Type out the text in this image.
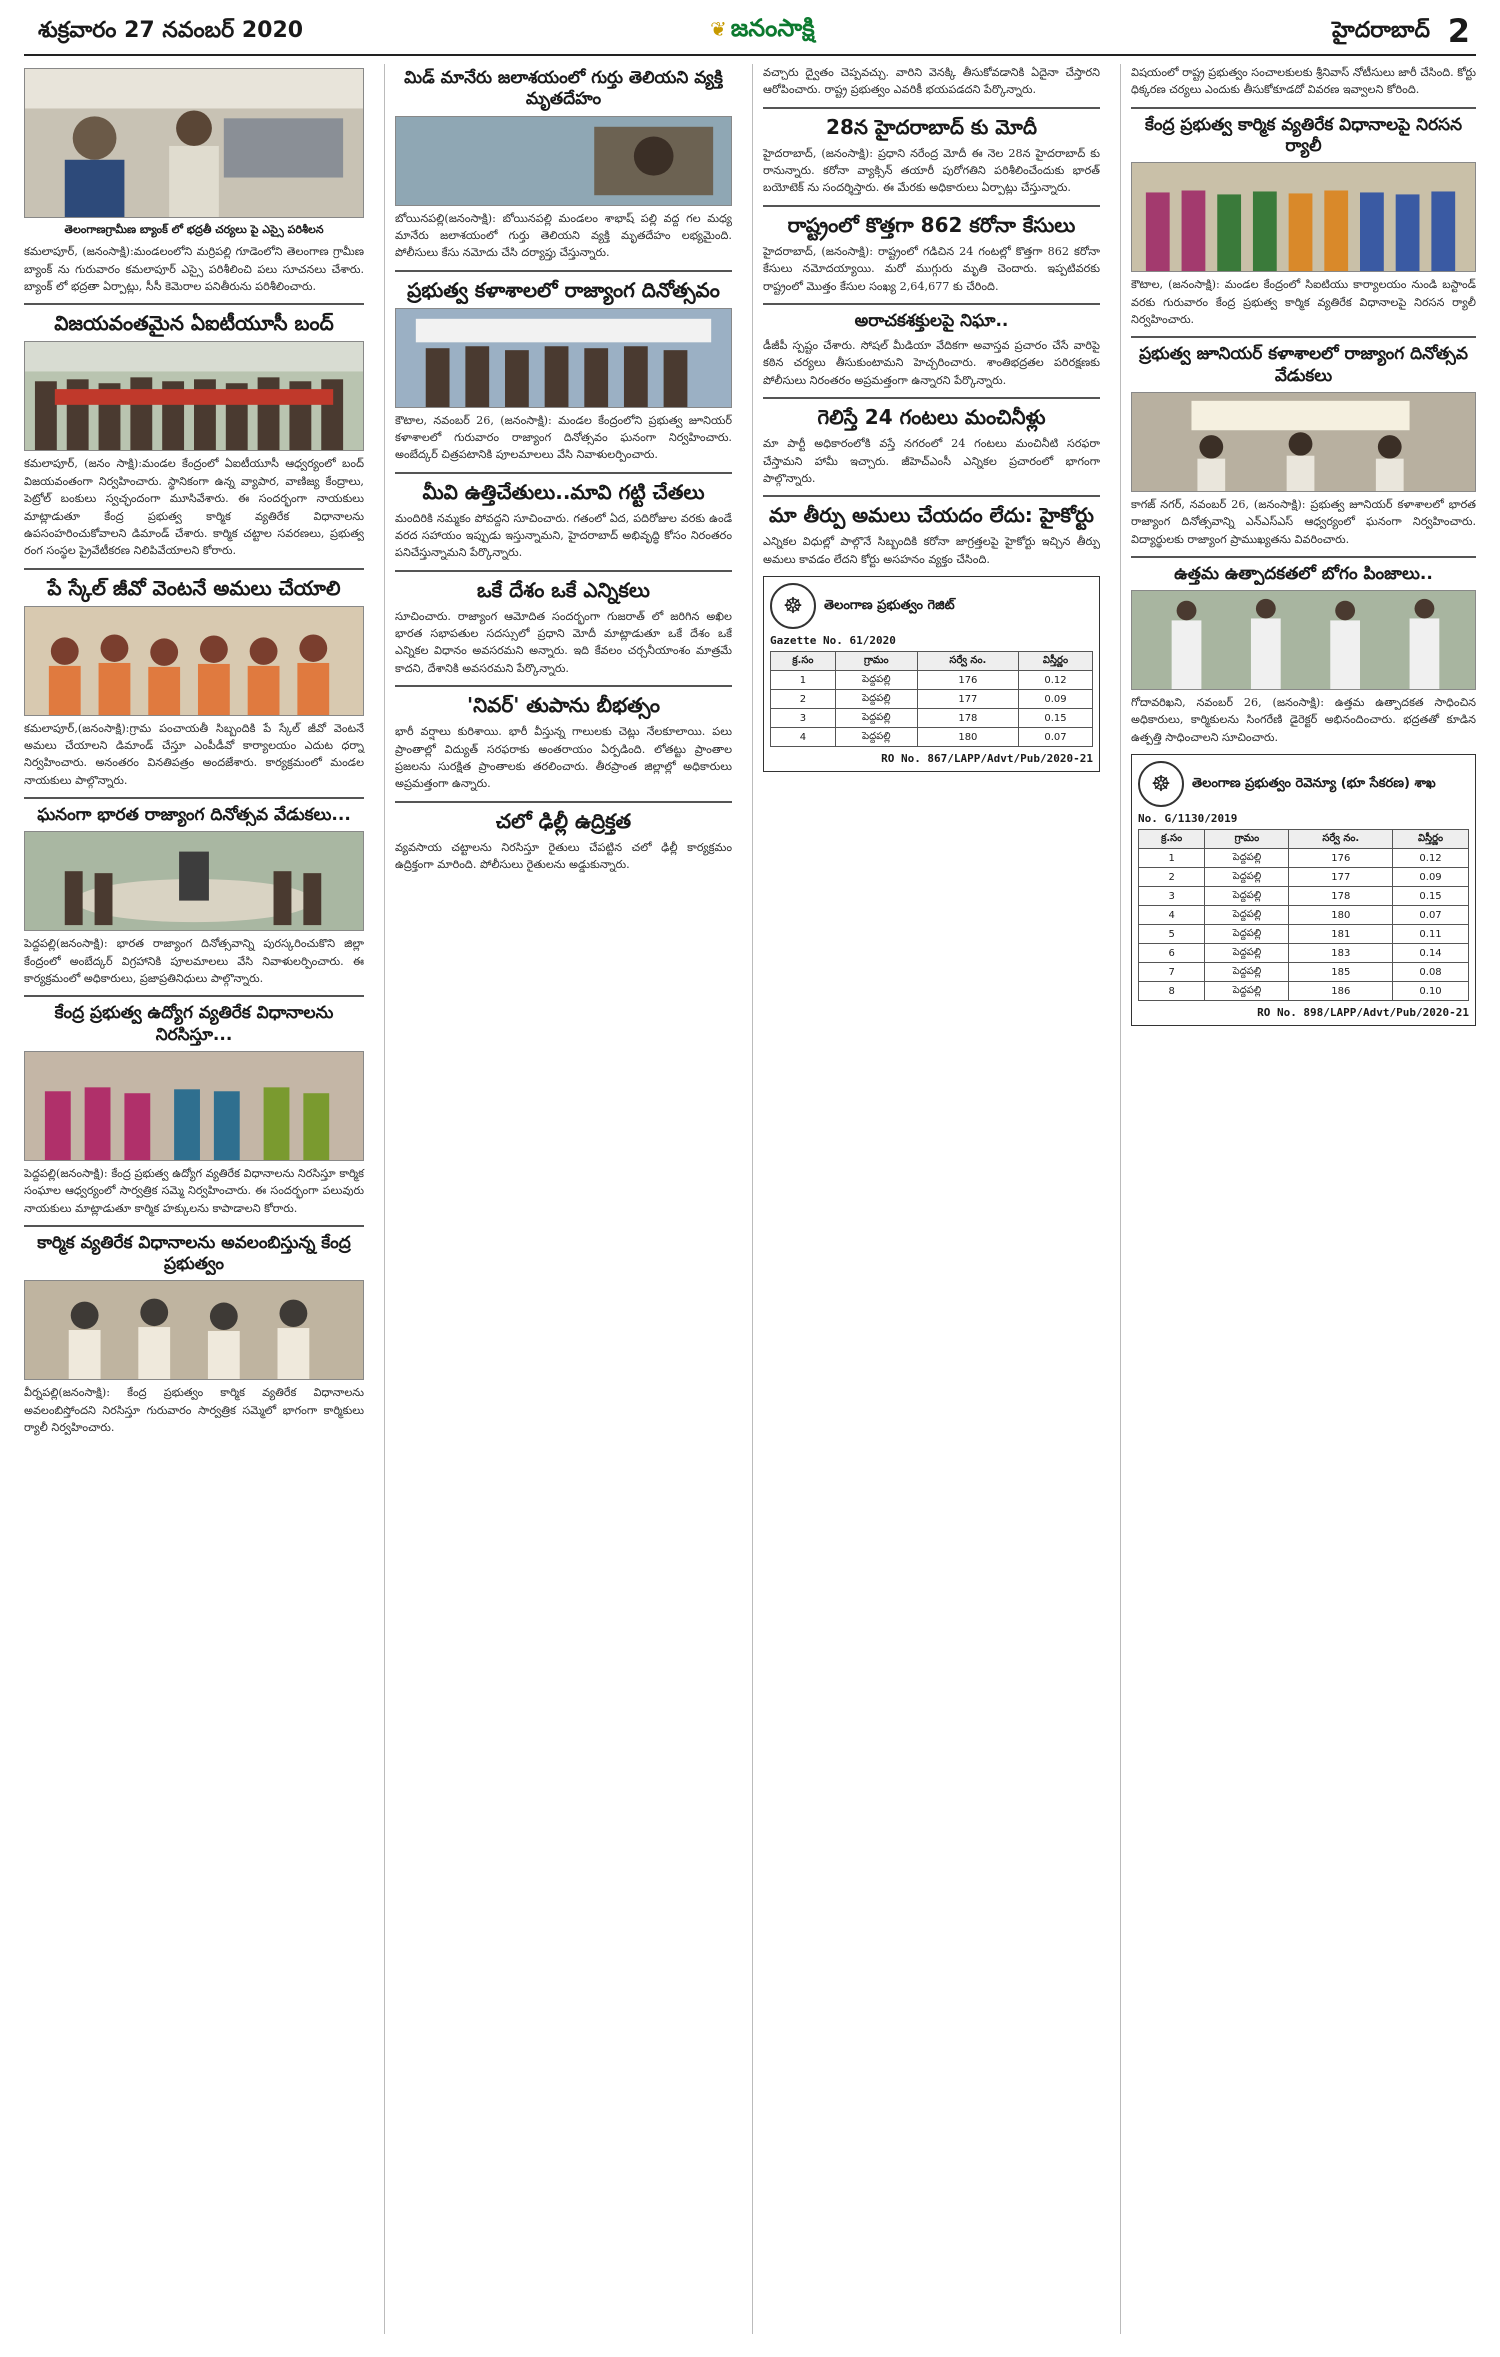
శుక్రవారం 27 నవంబర్ 2020	❦ జనంసాక్షి	హైదరాబాద్ 2
తెలంగాణగ్రామీణ బ్యాంక్ లో భద్రతీ చర్యలు పై ఎస్సై పరిశీలన

కమలాపూర్, (జనంసాక్షి):మండలంలోని మర్రిపల్లి గూడెంలోని తెలంగాణ గ్రామీణ బ్యాంక్ ను గురువారం కమలాపూర్ ఎస్సై పరిశీలించి పలు సూచనలు చేశారు. బ్యాంక్ లో భద్రతా ఏర్పాట్లు, సీసీ కెమెరాల పనితీరును పరిశీలించారు.

విజయవంతమైన ఏఐటీయూసీ బంద్

కమలాపూర్, (జనం సాక్షి):మండల కేంద్రంలో ఏఐటీయూసీ ఆధ్వర్యంలో బంద్ విజయవంతంగా నిర్వహించారు. స్థానికంగా ఉన్న వ్యాపార, వాణిజ్య కేంద్రాలు, పెట్రోల్ బంకులు స్వచ్ఛందంగా మూసివేశారు. ఈ సందర్భంగా నాయకులు మాట్లాడుతూ కేంద్ర ప్రభుత్వ కార్మిక వ్యతిరేక విధానాలను ఉపసంహరించుకోవాలని డిమాండ్ చేశారు. కార్మిక చట్టాల సవరణలు, ప్రభుత్వ రంగ సంస్థల ప్రైవేటీకరణ నిలిపివేయాలని కోరారు.

పే స్కేల్ జీవో వెంటనే అమలు చేయాలి

కమలాపూర్,(జనంసాక్షి):గ్రామ పంచాయతీ సిబ్బందికి పే స్కేల్ జీవో వెంటనే అమలు చేయాలని డిమాండ్ చేస్తూ ఎంపీడీవో కార్యాలయం ఎదుట ధర్నా నిర్వహించారు. అనంతరం వినతిపత్రం అందజేశారు. కార్యక్రమంలో మండల నాయకులు పాల్గొన్నారు.

ఘనంగా భారత రాజ్యాంగ దినోత్సవ వేడుకలు...

పెద్దపల్లి(జనంసాక్షి): భారత రాజ్యాంగ దినోత్సవాన్ని పురస్కరించుకొని జిల్లా కేంద్రంలో అంబేద్కర్ విగ్రహానికి పూలమాలలు వేసి నివాళులర్పించారు. ఈ కార్యక్రమంలో అధికారులు, ప్రజాప్రతినిధులు పాల్గొన్నారు.

కేంద్ర ప్రభుత్వ ఉద్యోగ వ్యతిరేక విధానాలను నిరసిస్తూ...

పెద్దపల్లి(జనంసాక్షి): కేంద్ర ప్రభుత్వ ఉద్యోగ వ్యతిరేక విధానాలను నిరసిస్తూ కార్మిక సంఘాల ఆధ్వర్యంలో సార్వత్రిక సమ్మె నిర్వహించారు. ఈ సందర్భంగా పలువురు నాయకులు మాట్లాడుతూ కార్మిక హక్కులను కాపాడాలని కోరారు.

కార్మిక వ్యతిరేక విధానాలను అవలంబిస్తున్న కేంద్ర ప్రభుత్వం

వీర్నపల్లి(జనంసాక్షి): కేంద్ర ప్రభుత్వం కార్మిక వ్యతిరేక విధానాలను అవలంబిస్తోందని నిరసిస్తూ గురువారం సార్వత్రిక సమ్మెలో భాగంగా కార్మికులు ర్యాలీ నిర్వహించారు.

మిడ్ మానేరు జలాశయంలో గుర్తు తెలియని వ్యక్తి మృతదేహం

బోయినపల్లి(జనంసాక్షి): బోయినపల్లి మండలం శాభాష్ పల్లి వద్ద గల మధ్య మానేరు జలాశయంలో గుర్తు తెలియని వ్యక్తి మృతదేహం లభ్యమైంది. పోలీసులు కేసు నమోదు చేసి దర్యాప్తు చేస్తున్నారు.

ప్రభుత్వ కళాశాలలో రాజ్యాంగ దినోత్సవం

కౌటాల, నవంబర్ 26, (జనంసాక్షి): మండల కేంద్రంలోని ప్రభుత్వ జూనియర్ కళాశాలలో గురువారం రాజ్యాంగ దినోత్సవం ఘనంగా నిర్వహించారు. అంబేద్కర్ చిత్రపటానికి పూలమాలలు వేసి నివాళులర్పించారు.

మీవి ఉత్తిచేతులు..మావి గట్టి చేతలు

మందిరికి నమ్మకం పోవద్దని సూచించారు. గతంలో ఏద, పదిరోజుల వరకు ఉండే వరద సహాయం ఇప్పుడు ఇస్తున్నామని, హైదరాబాద్ అభివృద్ధి కోసం నిరంతరం పనిచేస్తున్నామని పేర్కొన్నారు.

ఒకే దేశం ఒకే ఎన్నికలు

సూచించారు. రాజ్యాంగ ఆమోదిత సందర్భంగా గుజరాత్ లో జరిగిన అఖిల భారత సభాపతుల సదస్సులో ప్రధాని మోదీ మాట్లాడుతూ ఒకే దేశం ఒకే ఎన్నికల విధానం అవసరమని అన్నారు. ఇది కేవలం చర్చనీయాంశం మాత్రమే కాదని, దేశానికి అవసరమని పేర్కొన్నారు.

'నివర్' తుపాను బీభత్సం

భారీ వర్షాలు కురిశాయి. భారీ వీస్తున్న గాలులకు చెట్లు నేలకూలాయి. పలు ప్రాంతాల్లో విద్యుత్ సరఫరాకు అంతరాయం ఏర్పడింది. లోతట్టు ప్రాంతాల ప్రజలను సురక్షిత ప్రాంతాలకు తరలించారు. తీరప్రాంత జిల్లాల్లో అధికారులు అప్రమత్తంగా ఉన్నారు.

చలో ఢిల్లీ ఉద్రిక్తత

వ్యవసాయ చట్టాలను నిరసిస్తూ రైతులు చేపట్టిన చలో ఢిల్లీ కార్యక్రమం ఉద్రిక్తంగా మారింది. పోలీసులు రైతులను అడ్డుకున్నారు.

వచ్చారు ద్వైతం చెప్పవచ్చు. వారిని వెనక్కి తీసుకోవడానికి ఏదైనా చేస్తారని ఆరోపించారు. రాష్ట్ర ప్రభుత్వం ఎవరికీ భయపడదని పేర్కొన్నారు.

28న హైదరాబాద్ కు మోదీ

హైదరాబాద్, (జనంసాక్షి): ప్రధాని నరేంద్ర మోదీ ఈ నెల 28న హైదరాబాద్ కు రానున్నారు. కరోనా వ్యాక్సిన్ తయారీ పురోగతిని పరిశీలించేందుకు భారత్ బయోటెక్ ను సందర్శిస్తారు. ఈ మేరకు అధికారులు ఏర్పాట్లు చేస్తున్నారు.

రాష్ట్రంలో కొత్తగా 862 కరోనా కేసులు

హైదరాబాద్, (జనంసాక్షి): రాష్ట్రంలో గడిచిన 24 గంటల్లో కొత్తగా 862 కరోనా కేసులు నమోదయ్యాయి. మరో ముగ్గురు మృతి చెందారు. ఇప్పటివరకు రాష్ట్రంలో మొత్తం కేసుల సంఖ్య 2,64,677 కు చేరింది.

అరాచకశక్తులపై నిఘా..

డీజీపీ స్పష్టం చేశారు. సోషల్ మీడియా వేదికగా అవాస్తవ ప్రచారం చేసే వారిపై కఠిన చర్యలు తీసుకుంటామని హెచ్చరించారు. శాంతిభద్రతల పరిరక్షణకు పోలీసులు నిరంతరం అప్రమత్తంగా ఉన్నారని పేర్కొన్నారు.

గెలిస్తే 24 గంటలు మంచినీళ్లు

మా పార్టీ అధికారంలోకి వస్తే నగరంలో 24 గంటలు మంచినీటి సరఫరా చేస్తామని హామీ ఇచ్చారు. జీహెచ్ఎంసీ ఎన్నికల ప్రచారంలో భాగంగా పాల్గొన్నారు.

మా తీర్పు అమలు చేయదం లేదు: హైకోర్టు

ఎన్నికల విధుల్లో పాల్గొనే సిబ్బందికి కరోనా జాగ్రత్తలపై హైకోర్టు ఇచ్చిన తీర్పు అమలు కావడం లేదని కోర్టు అసహనం వ్యక్తం చేసింది.

☸	తెలంగాణ ప్రభుత్వం గెజిట్
Gazette No. 61/2020
క్ర.సం	గ్రామం	సర్వే నం.	విస్తీర్ణం
1	పెద్దపల్లి	176	0.12
2	పెద్దపల్లి	177	0.09
3	పెద్దపల్లి	178	0.15
4	పెద్దపల్లి	180	0.07
RO No. 867/LAPP/Advt/Pub/2020-21

విషయంలో రాష్ట్ర ప్రభుత్వం సంచాలకులకు శ్రీనివాస్ నోటీసులు జారీ చేసింది. కోర్టు ధిక్కరణ చర్యలు ఎందుకు తీసుకోకూడదో వివరణ ఇవ్వాలని కోరింది.

కేంద్ర ప్రభుత్వ కార్మిక వ్యతిరేక విధానాలపై నిరసన ర్యాలీ

కౌటాల, (జనంసాక్షి): మండల కేంద్రంలో సిఐటియు కార్యాలయం నుండి బస్టాండ్ వరకు గురువారం కేంద్ర ప్రభుత్వ కార్మిక వ్యతిరేక విధానాలపై నిరసన ర్యాలీ నిర్వహించారు.

ప్రభుత్వ జూనియర్ కళాశాలలో రాజ్యాంగ దినోత్సవ వేడుకలు

కాగజ్ నగర్, నవంబర్ 26, (జనంసాక్షి): ప్రభుత్వ జూనియర్ కళాశాలలో భారత రాజ్యాంగ దినోత్సవాన్ని ఎన్ఎస్ఎస్ ఆధ్వర్యంలో ఘనంగా నిర్వహించారు. విద్యార్థులకు రాజ్యాంగ ప్రాముఖ్యతను వివరించారు.

ఉత్తమ ఉత్పాదకతలో బోగం పింజాలు..

గోదావరిఖని, నవంబర్ 26, (జనంసాక్షి): ఉత్తమ ఉత్పాదకత సాధించిన అధికారులు, కార్మికులను సింగరేణి డైరెక్టర్ అభినందించారు. భద్రతతో కూడిన ఉత్పత్తి సాధించాలని సూచించారు.

☸	తెలంగాణ ప్రభుత్వం రెవెన్యూ (భూ సేకరణ) శాఖ
No. G/1130/2019
క్ర.సం	గ్రామం	సర్వే నం.	విస్తీర్ణం
1	పెద్దపల్లి	176	0.12
2	పెద్దపల్లి	177	0.09
3	పెద్దపల్లి	178	0.15
4	పెద్దపల్లి	180	0.07
5	పెద్దపల్లి	181	0.11
6	పెద్దపల్లి	183	0.14
7	పెద్దపల్లి	185	0.08
8	పెద్దపల్లి	186	0.10
RO No. 898/LAPP/Advt/Pub/2020-21
